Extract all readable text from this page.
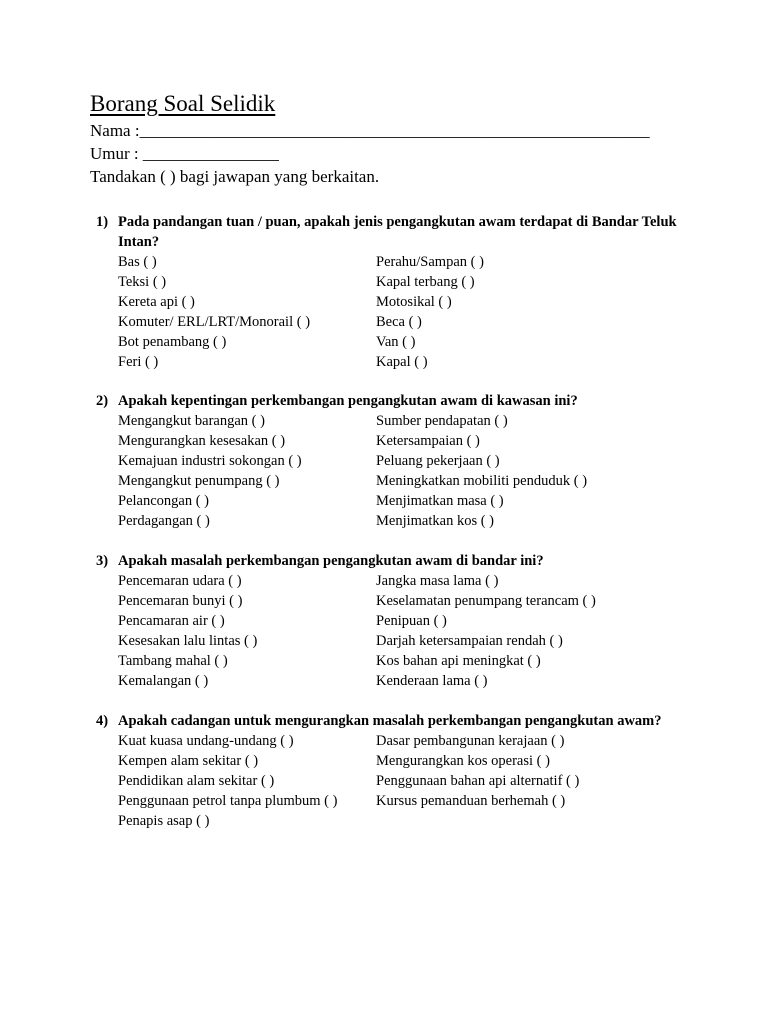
Borang Soal Selidik
Nama :____________________________________________________________
Umur : ________________
Tandakan ( ) bagi jawapan yang berkaitan.
1) Pada pandangan tuan / puan, apakah jenis pengangkutan awam terdapat di Bandar Teluk Intan?
Bas ( )	Perahu/Sampan ( )
Teksi ( )	Kapal terbang ( )
Kereta api ( )	Motosikal ( )
Komuter/ ERL/LRT/Monorail ( )	Beca ( )
Bot penambang ( )	Van ( )
Feri ( )	Kapal ( )
2) Apakah kepentingan perkembangan pengangkutan awam di kawasan ini?
Mengangkut barangan ( )	Sumber pendapatan ( )
Mengurangkan kesesakan ( )	Ketersampaian ( )
Kemajuan industri sokongan ( )	Peluang pekerjaan ( )
Mengangkut penumpang ( )	Meningkatkan mobiliti penduduk ( )
Pelancongan ( )	Menjimatkan masa ( )
Perdagangan ( )	Menjimatkan kos ( )
3) Apakah masalah perkembangan pengangkutan awam di bandar ini?
Pencemaran udara ( )	Jangka masa lama ( )
Pencemaran bunyi ( )	Keselamatan penumpang terancam ( )
Pencamaran air ( )	Penipuan ( )
Kesesakan lalu lintas ( )	Darjah ketersampaian rendah ( )
Tambang mahal ( )	Kos bahan api meningkat ( )
Kemalangan ( )	Kenderaan lama ( )
4) Apakah cadangan untuk mengurangkan masalah perkembangan pengangkutan awam?
Kuat kuasa undang-undang ( )	Dasar pembangunan kerajaan ( )
Kempen alam sekitar ( )	Mengurangkan kos operasi ( )
Pendidikan alam sekitar ( )	Penggunaan bahan api alternatif ( )
Penggunaan petrol tanpa plumbum ( )	Kursus pemanduan berhemah ( )
Penapis asap ( )
